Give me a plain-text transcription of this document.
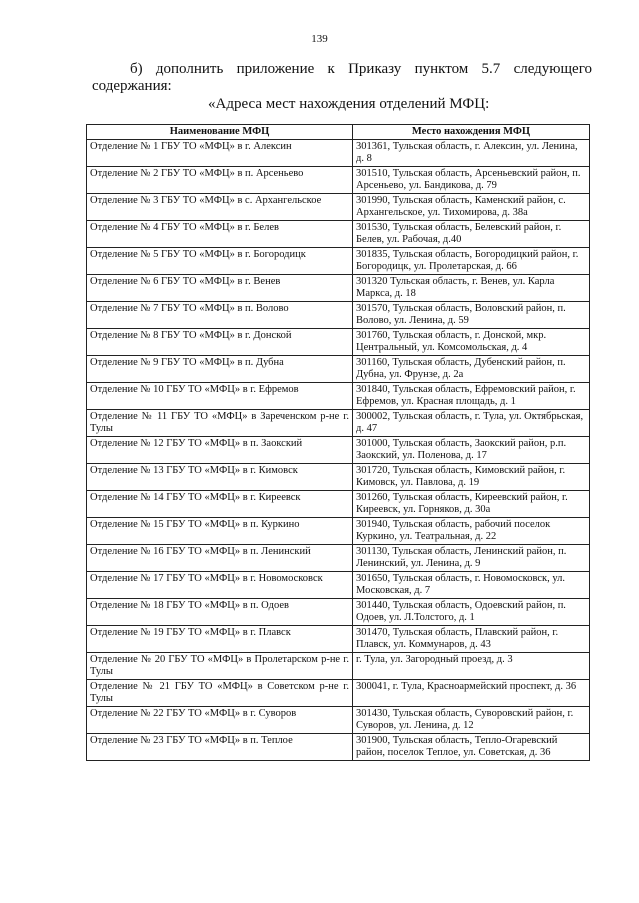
139
б) дополнить приложение к Приказу пунктом 5.7 следующего содержания:
«Адреса мест нахождения отделений МФЦ:
Наименование МФЦ	Место нахождения МФЦ
Отделение № 1 ГБУ ТО «МФЦ» в г. Алексин	301361, Тульская область, г. Алексин, ул. Ленина, д. 8
Отделение № 2 ГБУ ТО «МФЦ» в п. Арсеньево	301510, Тульская область, Арсеньевский район, п. Арсеньево, ул. Бандикова, д. 79
Отделение № 3 ГБУ ТО «МФЦ» в с. Архангельское	301990, Тульская область, Каменский район, с. Архангельское, ул. Тихомирова, д. 38а
Отделение № 4 ГБУ ТО «МФЦ» в г. Белев	301530, Тульская область, Белевский район, г. Белев, ул. Рабочая, д.40
Отделение № 5 ГБУ ТО «МФЦ» в г. Богородицк	301835, Тульская область, Богородицкий район, г. Богородицк, ул. Пролетарская, д. 66
Отделение № 6 ГБУ ТО «МФЦ» в г. Венев	301320 Тульская область, г. Венев, ул. Карла Маркса, д. 18
Отделение № 7 ГБУ ТО «МФЦ» в п. Волово	301570, Тульская область, Воловский район, п. Волово, ул. Ленина, д. 59
Отделение № 8 ГБУ ТО «МФЦ» в г. Донской	301760, Тульская область, г. Донской, мкр. Центральный, ул. Комсомольская, д. 4
Отделение № 9 ГБУ ТО «МФЦ» в п. Дубна	301160, Тульская область, Дубенский район, п. Дубна, ул. Фрунзе, д. 2а
Отделение № 10 ГБУ ТО «МФЦ» в г. Ефремов	301840, Тульская область, Ефремовский район, г. Ефремов, ул. Красная площадь, д. 1
Отделение № 11 ГБУ ТО «МФЦ» в Зареченском р-не г. Тулы	300002, Тульская область, г. Тула, ул. Октябрьская, д. 47
Отделение № 12 ГБУ ТО «МФЦ» в п. Заокский	301000, Тульская область, Заокский район, р.п. Заокский, ул. Поленова, д. 17
Отделение № 13 ГБУ ТО «МФЦ» в г. Кимовск	301720, Тульская область, Кимовский район, г. Кимовск, ул. Павлова, д. 19
Отделение № 14 ГБУ ТО «МФЦ» в г. Киреевск	301260, Тульская область, Киреевский район, г. Киреевск, ул. Горняков, д. 30а
Отделение № 15 ГБУ ТО «МФЦ» в п. Куркино	301940, Тульская область, рабочий поселок Куркино, ул. Театральная, д. 22
Отделение № 16 ГБУ ТО «МФЦ» в п. Ленинский	301130, Тульская область, Ленинский район, п. Ленинский, ул. Ленина, д. 9
Отделение № 17 ГБУ ТО «МФЦ» в г. Новомосковск	301650, Тульская область, г. Новомосковск, ул. Московская, д. 7
Отделение № 18 ГБУ ТО «МФЦ» в п. Одоев	301440, Тульская область, Одоевский район, п. Одоев, ул. Л.Толстого, д. 1
Отделение № 19 ГБУ ТО «МФЦ» в г. Плавск	301470, Тульская область, Плавский район, г. Плавск, ул. Коммунаров, д. 43
Отделение № 20 ГБУ ТО «МФЦ» в Пролетарском р-не г. Тулы	г. Тула, ул. Загородный проезд, д. 3
Отделение № 21 ГБУ ТО «МФЦ» в Советском р-не г. Тулы	300041, г. Тула, Красноармейский проспект, д. 36
Отделение № 22 ГБУ ТО «МФЦ» в г. Суворов	301430, Тульская область, Суворовский район, г. Суворов, ул. Ленина, д. 12
Отделение № 23 ГБУ ТО «МФЦ» в п. Теплое	301900, Тульская область, Тепло-Огаревский район, поселок Теплое, ул. Советская, д. 36
